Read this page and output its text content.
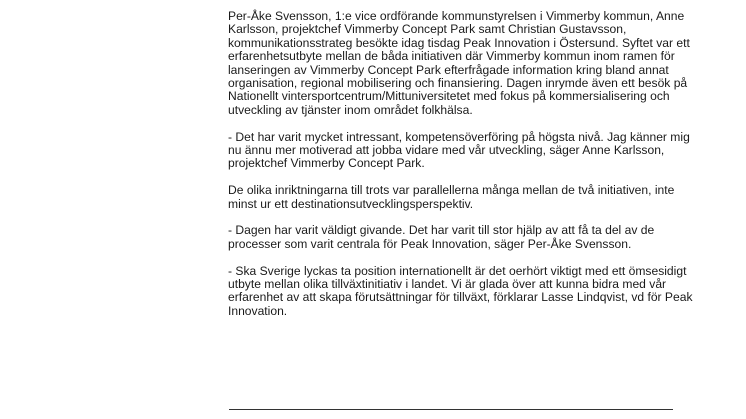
Per-Åke Svensson, 1:e vice ordförande kommunstyrelsen i Vimmerby kommun, Anne Karlsson, projektchef Vimmerby Concept Park samt Christian Gustavsson, kommunikationsstrateg besökte idag tisdag Peak Innovation i Östersund. Syftet var ett erfarenhetsutbyte mellan de båda initiativen där Vimmerby kommun inom ramen för lanseringen av Vimmerby Concept Park efterfrågade information kring bland annat organisation, regional mobilisering och finansiering. Dagen inrymde även ett besök på Nationellt vintersportcentrum/Mittuniversitetet med fokus på kommersialisering och utveckling av tjänster inom området folkhälsa.

- Det har varit mycket intressant, kompetensöverföring på högsta nivå. Jag känner mig nu ännu mer motiverad att jobba vidare med vår utveckling, säger Anne Karlsson, projektchef Vimmerby Concept Park.

De olika inriktningarna till trots var parallellerna många mellan de två initiativen, inte minst ur ett destinationsutvecklingsperspektiv.

- Dagen har varit väldigt givande. Det har varit till stor hjälp av att få ta del av de processer som varit centrala för Peak Innovation, säger Per-Åke Svensson.

- Ska Sverige lyckas ta position internationellt är det oerhört viktigt med ett ömsesidigt utbyte mellan olika tillväxtinitiativ i landet. Vi är glada över att kunna bidra med vår erfarenhet av att skapa förutsättningar för tillväxt, förklarar Lasse Lindqvist, vd för Peak Innovation.
